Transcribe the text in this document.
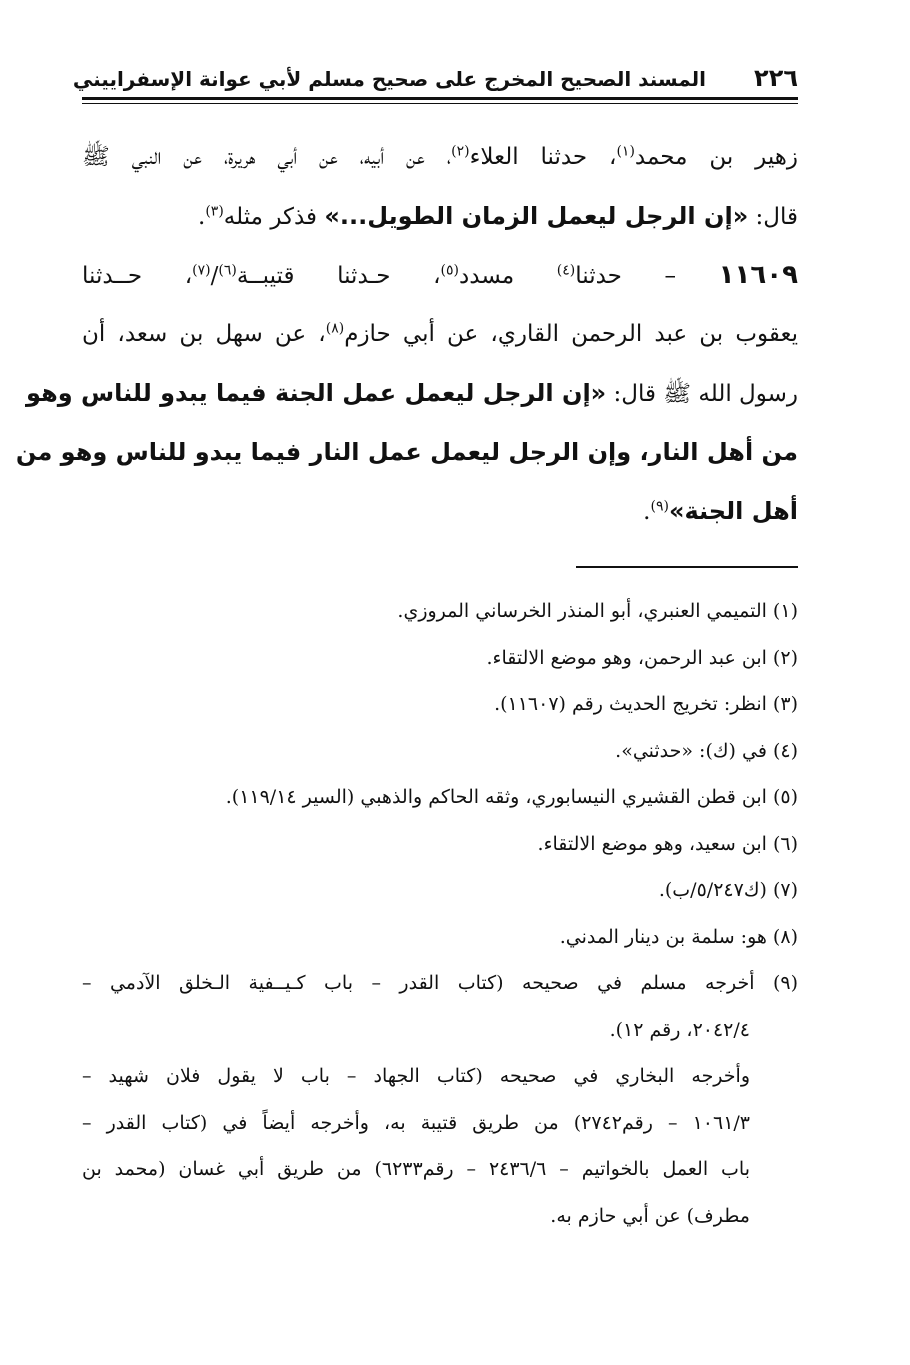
٢٢٦
المسند الصحيح المخرج على صحيح مسلم لأبي عوانة الإسفراييني
زهير بن محمد$^{(١)}$، حدثنا العلاء$^{(٢)}$، عن أبيه، عن أبي هريرة، عن النبي ﷺ
قال: «إن الرجل ليعمل الزمان الطويل...» فذكر مثله$^{(٣)}$.
١١٦٠٩ – حدثنا$^{(٤)}$ مسدد$^{(٥)}$، حـدثنا قتيبــة$^{(٦)}$/$^{(٧)}$، حــدثنا
يعقوب بن عبد الرحمن القاري، عن أبي حازم$^{(٨)}$، عن سهل بن سعد، أن
رسول الله ﷺ قال: «إن الرجل ليعمل عمل الجنة فيما يبدو للناس وهو
من أهل النار، وإن الرجل ليعمل عمل النار فيما يبدو للناس وهو من
أهل الجنة»$^{(٩)}$.
(١) التميمي العنبري، أبو المنذر الخرساني المروزي.
(٢) ابن عبد الرحمن، وهو موضع الالتقاء.
(٣) انظر: تخريج الحديث رقم (١١٦٠٧).
(٤) في (ك): «حدثني».
(٥) ابن قطن القشيري النيسابوري، وثقه الحاكم والذهبي (السير ١١٩/١٤).
(٦) ابن سعيد، وهو موضع الالتقاء.
(٧) (ك٥/٢٤٧/ب).
(٨) هو: سلمة بن دينار المدني.
(٩) أخرجه مسلم في صحيحه (كتاب القدر – باب كـيــفية الـخلق الآدمي –
٢٠٤٢/٤، رقم ١٢).
وأخرجه البخاري في صحيحه (كتاب الجهاد – باب لا يقول فلان شهيد –
١٠٦١/٣ – رقم٢٧٤٢) من طريق قتيبة به، وأخرجه أيضاً في (كتاب القدر –
باب العمل بالخواتيم – ٢٤٣٦/٦ – رقم٦٢٣٣) من طريق أبي غسان (محمد بن
مطرف) عن أبي حازم به.
